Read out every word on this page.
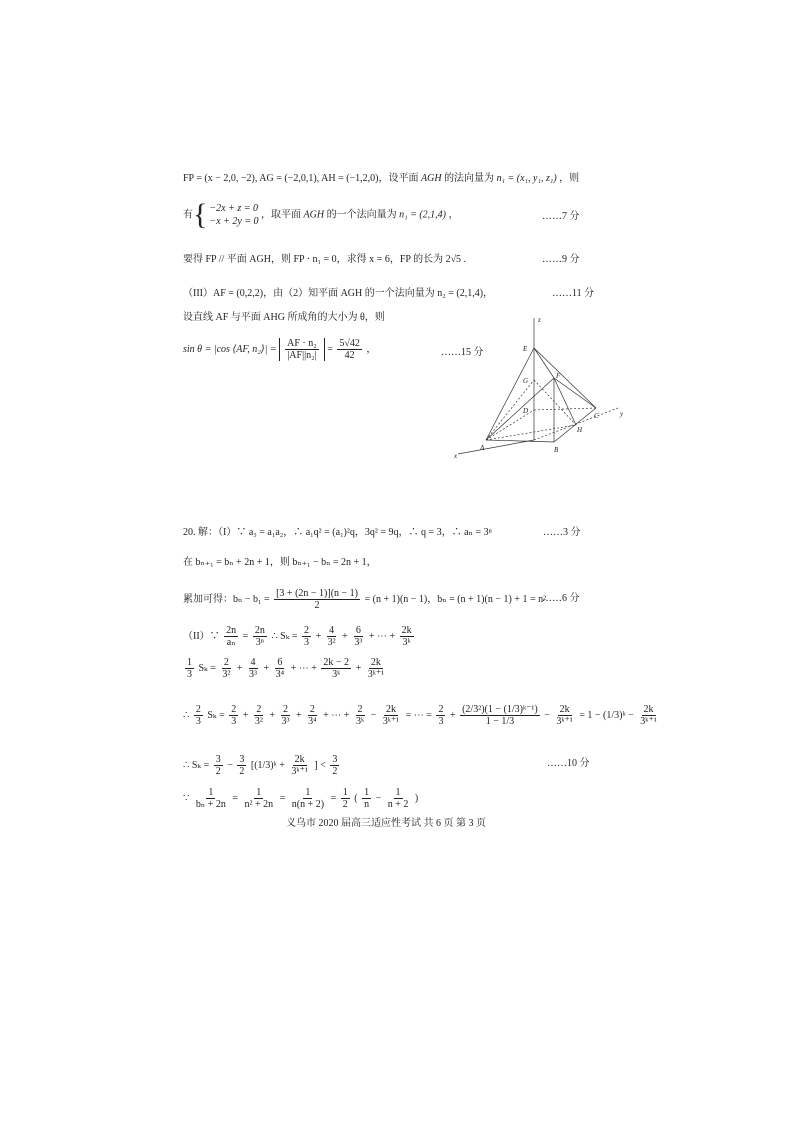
FP = (x − 2,0, −2), AG = (−2,0,1), AH = (−1,2,0)，设平面 AGH 的法向量为 n₁ = (x₁, y₁, z₁) ，则
有{ −2x + z = 0
−x + 2y = 0
，取平面 AGH 的一个法向量为 n₁ = (2,1,4) ，	……7 分
要得 FP // 平面 AGH，则 FP · n₁ = 0，求得 x = 6，FP 的长为 2√5 .	……9 分
（III）AF = (0,2,2)，由（2）知平面 AGH 的一个法向量为 n₂ = (2,1,4)，	……11 分
设直线 AF 与平面 AHG 所成角的大小为 θ，则
sin θ = |cos ⟨AF, n₂⟩| = $\frac{\text{AF · n₂}}{\text{|AF||n₂|}} = \frac{5√42}{42}$ ，	……15 分
z
y
x
E
G
F
D
C
H
A	B
20. 解：（I）∵ a₃ = a₁a₂，∴ a₁q² = (a₁)²q，3q² = 9q，∴ q = 3，∴ aₙ = 3ⁿ	……3 分
在 bₙ₊₁ = bₙ + 2n + 1，则 bₙ₊₁ − bₙ = 2n + 1，
累加可得：$b_n - b_1 = \frac{[3 + (2n - 1)](n - 1)}{2} = (n + 1)(n - 1)$，bₙ = (n + 1)(n − 1) + 1 = n²
……6 分
（II）∵ $\frac{2n}{\text{aₙ}} = \frac{2n}{\text{3ⁿ}}$ ∴ $S_k = \frac{2}{3} + \frac{4}{\text{3²}} + \frac{6}{\text{3³}}$ + ⋯ + $\frac{2k}{\text{3ᵏ}}$
$\frac{1}{3}$ $S_k = \frac{2}{\text{3²}} + \frac{4}{\text{3³}} + \frac{6}{\text{3⁴}}$ + ⋯ + $\frac{2k - 2}{\text{3ᵏ}} + \frac{2k}{\text{3ᵏ⁺¹}}$
∴ $\frac{2}{3}$ $S_k = \frac{2}{3} + \frac{2}{\text{3²}} + \frac{2}{\text{3³}} + \frac{2}{\text{3⁴}}$ + ⋯ + $\frac{2}{\text{3ᵏ}} - \frac{2k}{\text{3ᵏ⁺¹}}$ = ⋯ = $\frac{2}{3} + \frac{\text{(2/3²)(1 − (1/3)ᵏ⁻¹)}}{1 - 1/3} - \frac{2k}{\text{3ᵏ⁺¹}} = 1$ − (1/3)ᵏ − $\frac{2k}{\text{3ᵏ⁺¹}}$
∴ $S_k = \frac{3}{2} - \frac{3}{2}$ [(1/3)ᵏ + $\frac{2k}{\text{3ᵏ⁺¹}}$ ] < $\frac{3}{2}$	……10 分
∵ $\frac{1}{\text{bₙ + 2n}} = \frac{1}{\text{n² + 2n}} = \frac{1}{n(n + 2)} = \frac{1}{2}$ ( $\frac{1}{n} - \frac{1}{n + 2}$ )
义乌市 2020 届高三适应性考试 共 6 页 第 3 页
